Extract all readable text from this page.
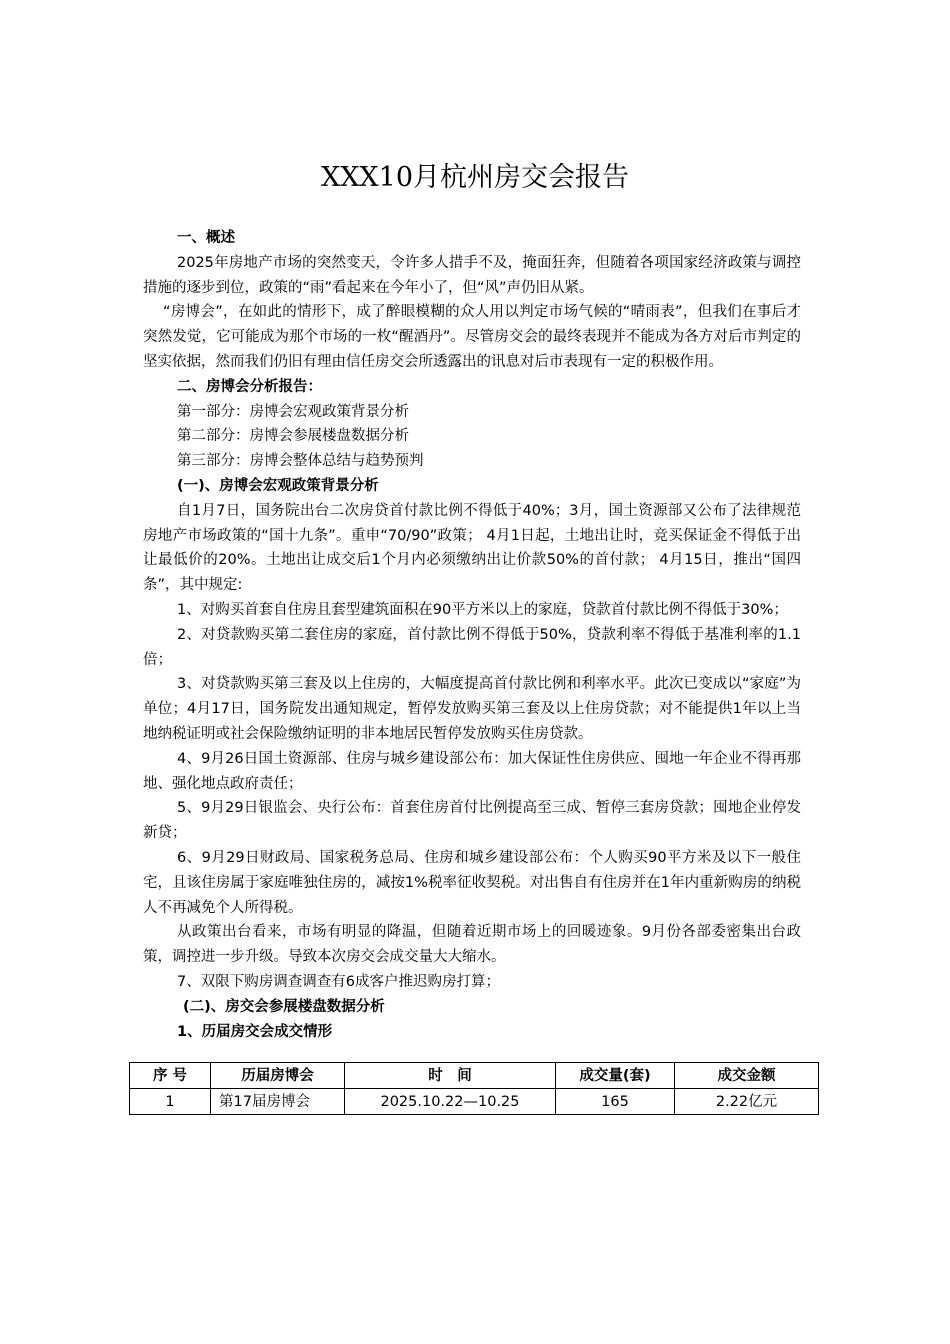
XXX10月杭州房交会报告

一、概述

2025年房地产市场的突然变天，令许多人措手不及，掩面狂奔，但随着各项国家经济政策与调控措施的逐步到位，政策的“雨”看起来在今年小了，但“风”声仍旧从紧。

“房博会”，在如此的情形下，成了醉眼模糊的众人用以判定市场气候的“晴雨表”，但我们在事后才突然发觉，它可能成为那个市场的一枚“醒酒丹”。尽管房交会的最终表现并不能成为各方对后市判定的坚实依据，然而我们仍旧有理由信任房交会所透露出的讯息对后市表现有一定的积极作用。

二、房博会分析报告：

第一部分：房博会宏观政策背景分析

第二部分：房博会参展楼盘数据分析

第三部分：房博会整体总结与趋势预判

(一)、房博会宏观政策背景分析

自1月7日，国务院出台二次房贷首付款比例不得低于40%；3月，国土资源部又公布了法律规范房地产市场政策的“国十九条”。重申“70/90”政策； 4月1日起，土地出让时，竞买保证金不得低于出让最低价的20%。土地出让成交后1个月内必须缴纳出让价款50%的首付款； 4月15日，推出“国四条”，其中规定:

1、对购买首套自住房且套型建筑面积在90平方米以上的家庭，贷款首付款比例不得低于30%；

2、对贷款购买第二套住房的家庭，首付款比例不得低于50%，贷款利率不得低于基准利率的1.1倍；

3、对贷款购买第三套及以上住房的，大幅度提高首付款比例和利率水平。此次已变成以“家庭”为单位；4月17日，国务院发出通知规定，暂停发放购买第三套及以上住房贷款；对不能提供1年以上当地纳税证明或社会保险缴纳证明的非本地居民暂停发放购买住房贷款。

4、9月26日国土资源部、住房与城乡建设部公布：加大保证性住房供应、囤地一年企业不得再那地、强化地点政府责任；

5、9月29日银监会、央行公布：首套住房首付比例提高至三成、暂停三套房贷款；囤地企业停发新贷；

6、9月29日财政局、国家税务总局、住房和城乡建设部公布：个人购买90平方米及以下一般住宅，且该住房属于家庭唯独住房的，减按1%税率征收契税。对出售自有住房并在1年内重新购房的纳税人不再减免个人所得税。

从政策出台看来，市场有明显的降温，但随着近期市场上的回暖迹象。9月份各部委密集出台政策，调控进一步升级。导致本次房交会成交量大大缩水。

7、双限下购房调查调查有6成客户推迟购房打算；

(二)、房交会参展楼盘数据分析

1、历届房交会成交情形

序 号	历届房博会	时　间	成交量(套)	成交金额
1	第17届房博会	2025.10.22—10.25	165	2.22亿元
